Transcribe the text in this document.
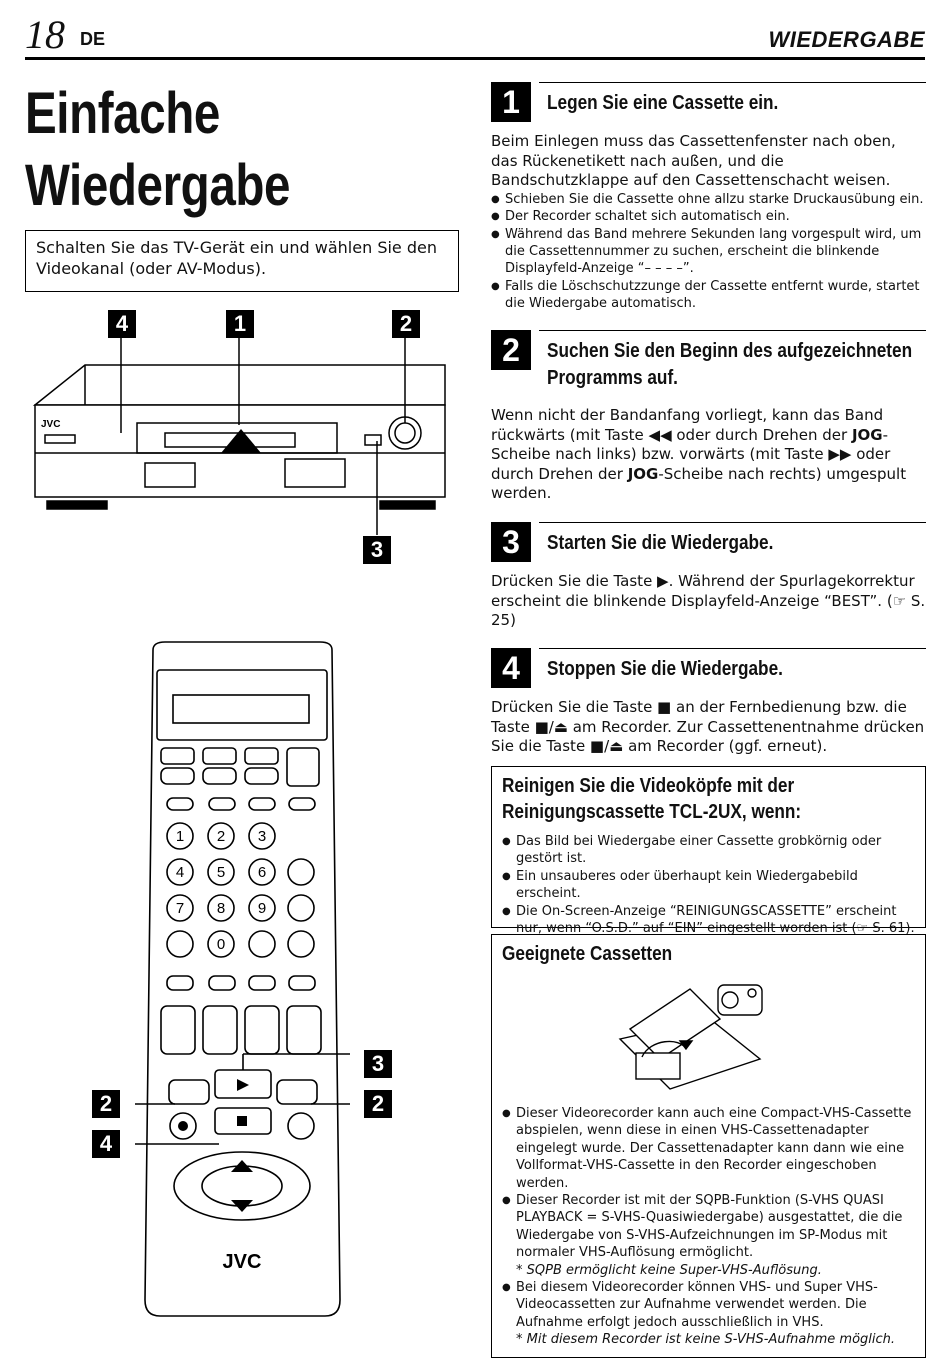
18 DE	WIEDERGABE
Einfache
Wiedergabe
Schalten Sie das TV-Gerät ein und wählen Sie den Videokanal (oder AV-Modus).
JVC
4	1	2
3
1 2 3
4 5 6
7 8 9
0
JVC
3
2	2
4
1	Legen Sie eine Cassette ein.
Beim Einlegen muss das Cassettenfenster nach oben, das Rückenetikett nach außen, und die Bandschutzklappe auf den Cassettenschacht weisen.
● Schieben Sie die Cassette ohne allzu starke Druckausübung ein.
● Der Recorder schaltet sich automatisch ein.
● Während das Band mehrere Sekunden lang vorgespult wird, um die Cassettennummer zu suchen, erscheint die blinkende Displayfeld-Anzeige “– – – –”.
● Falls die Löschschutzzunge der Cassette entfernt wurde, startet die Wiedergabe automatisch.
2	Suchen Sie den Beginn des aufgezeichneten
Programms auf.
Wenn nicht der Bandanfang vorliegt, kann das Band rückwärts (mit Taste ◀◀ oder durch Drehen der JOG-Scheibe nach links) bzw. vorwärts (mit Taste ▶▶ oder durch Drehen der JOG-Scheibe nach rechts) umgespult werden.
3	Starten Sie die Wiedergabe.
Drücken Sie die Taste ▶. Während der Spurlagekorrektur erscheint die blinkende Displayfeld-Anzeige “BEST”. (☞ S. 25)
4	Stoppen Sie die Wiedergabe.
Drücken Sie die Taste ■ an der Fernbedienung bzw. die Taste ■/⏏ am Recorder. Zur Cassettenentnahme drücken Sie die Taste ■/⏏ am Recorder (ggf. erneut).
Reinigen Sie die Videoköpfe mit der
Reinigungscassette TCL-2UX, wenn:
● Das Bild bei Wiedergabe einer Cassette grobkörnig oder gestört ist.
● Ein unsauberes oder überhaupt kein Wiedergabebild erscheint.
● Die On-Screen-Anzeige “REINIGUNGSCASSETTE” erscheint nur, wenn “O.S.D.” auf “EIN” eingestellt worden ist (☞ S. 61).
Geeignete Cassetten
● Dieser Videorecorder kann auch eine Compact-VHS-Cassette abspielen, wenn diese in einen VHS-Cassettenadapter eingelegt wurde. Der Cassettenadapter kann dann wie eine Vollformat-VHS-Cassette in den Recorder eingeschoben werden.
● Dieser Recorder ist mit der SQPB-Funktion (S-VHS QUASI PLAYBACK = S-VHS-Quasiwiedergabe) ausgestattet, die die Wiedergabe von S-VHS-Aufzeichnungen im SP-Modus mit normaler VHS-Auflösung ermöglicht.
* SQPB ermöglicht keine Super-VHS-Auflösung.
● Bei diesem Videorecorder können VHS- und Super VHS-Videocassetten zur Aufnahme verwendet werden. Die Aufnahme erfolgt jedoch ausschließlich in VHS.
* Mit diesem Recorder ist keine S-VHS-Aufnahme möglich.
